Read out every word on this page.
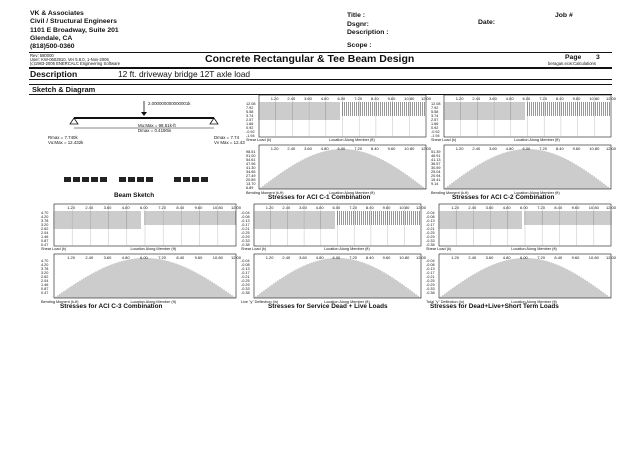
VK & Associates
Civil / Structural Engineers
1101 E Broadway, Suite 201
Glendale, CA
(818)500-0360
Title :
Dsgnr:
Description :
Scope :
Job #
Date:
Rev: 580000
User: KW-0602910, Ver 5.8.0, 1-Nov-2006
(c)1983-2006 ENERCALC Engineering Software	Concrete Rectangular & Tee Beam Design	Page 3
beragan.ecw:Calculations
Description	12 ft. driveway bridge 12T axle load
Sketch & Diagram
2.000000000000001k
Mu:Max = 98.51k-ft
Dmax = 0.4190in
Rmax = 7.740k
Vu:Max = 12.432k
Dmax = 7.74
Vv Max = 12.43
Beam Sketch
1.20 2.40 3.60 4.80 6.00 7.20 8.40 9.60 10.80 12.00
12.08
7.92
5.58
3.74
2.57
1.66
0.92
-0.92
-1.94
Shear Load (k)	Location Along Member (ft)
1.20 2.40 3.60 4.80 6.00 7.20 8.40 9.60 10.80 12.00
98.51
91.00
54.61
47.96
41.30
34.65
27.49
20.89
13.70
6.89
Bending Moment (k-ft)	Location Along Member (ft)
1.20 2.40 3.60 4.80 6.00 7.20 8.40 9.60 10.80 12.00
12.08
7.92
5.58
3.74
2.57
1.66
0.92
-0.92
-1.94
Shear Load (k)	Location Along Member (ft)
1.20 2.40 3.60 4.80 6.00 7.20 8.40 9.60 10.80 12.00
51.39
46.91
41.13
36.57
30.59
25.04
20.94
15.41
9.14
Bending Moment (k-ft)	Location Along Member (ft)
1.20	2.40	3.60	4.80	6.00	7.20	8.40	9.60	10.80 12.00
4.70
4.20
3.78
3.20
2.62
2.04
1.46
0.87
0.47
Shear Load (k)	Location Along Member (ft)
1.20	2.40	3.60	4.80	6.00	7.20	8.40	9.60	10.80 12.00
4.70
4.20
3.78
3.20
2.62
2.04
1.46
0.87
0.47
Bending Moment (k-ft)	Location Along Member (ft)
1.20 2.40 3.60 4.80 6.00 7.20 8.40 9.60 10.80 12.00
-0.04
-0.08
-0.13
-0.17
-0.21
-0.25
-0.29
-0.33
-0.38
Shear Load (k)	Location Along Member (ft)
1.20 2.40 3.60 4.80 6.00 7.20 8.40 9.60 10.80 12.00
-0.04
-0.08
-0.13
-0.17
-0.21
-0.25
-0.29
-0.33
-0.38
Live "y" Deflection (in)	Location Along Member (ft)
1.20 2.40 3.60 4.80 6.00 7.20 8.40 9.60 10.80 12.00
-0.04
-0.08
-0.13
-0.17
-0.21
-0.25
-0.29
-0.33
-0.38
Shear Load (k)	Location Along Member (ft)
1.20 2.40 3.60 4.80 6.00 7.20 8.40 9.60 10.80 12.00
-0.04
-0.08
-0.13
-0.17
-0.21
-0.25
-0.29
-0.33
-0.38
Total "y" Deflection (in)	Location Along Member (ft)
Stresses for ACI C-1 Combination	Stresses for ACI C-2 Combination
Stresses for ACI C-3 Combination	Stresses for Service Dead + Live Loads	Stresses for Dead+Live+Short Term Loads
